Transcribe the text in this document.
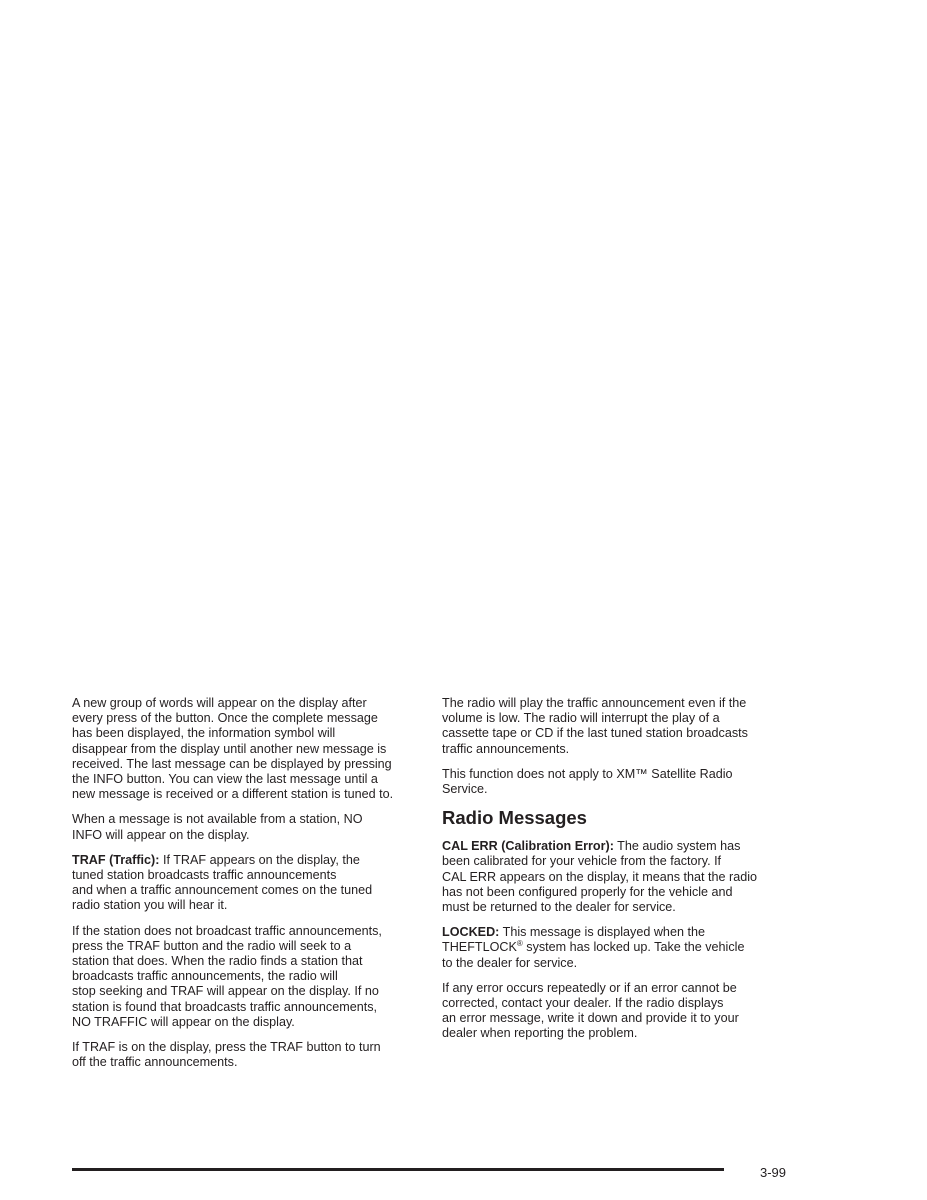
A new group of words will appear on the display after
every press of the button. Once the complete message
has been displayed, the information symbol will
disappear from the display until another new message is
received. The last message can be displayed by pressing
the INFO button. You can view the last message until a
new message is received or a different station is tuned to.

When a message is not available from a station, NO
INFO will appear on the display.

TRAF (Traffic): If TRAF appears on the display, the
tuned station broadcasts traffic announcements
and when a traffic announcement comes on the tuned
radio station you will hear it.

If the station does not broadcast traffic announcements,
press the TRAF button and the radio will seek to a
station that does. When the radio finds a station that
broadcasts traffic announcements, the radio will
stop seeking and TRAF will appear on the display. If no
station is found that broadcasts traffic announcements,
NO TRAFFIC will appear on the display.

If TRAF is on the display, press the TRAF button to turn
off the traffic announcements.

The radio will play the traffic announcement even if the
volume is low. The radio will interrupt the play of a
cassette tape or CD if the last tuned station broadcasts
traffic announcements.

This function does not apply to XM™ Satellite Radio
Service.

Radio Messages

CAL ERR (Calibration Error): The audio system has
been calibrated for your vehicle from the factory. If
CAL ERR appears on the display, it means that the radio
has not been configured properly for the vehicle and
must be returned to the dealer for service.

LOCKED: This message is displayed when the
THEFTLOCK® system has locked up. Take the vehicle
to the dealer for service.

If any error occurs repeatedly or if an error cannot be
corrected, contact your dealer. If the radio displays
an error message, write it down and provide it to your
dealer when reporting the problem.

3-99
